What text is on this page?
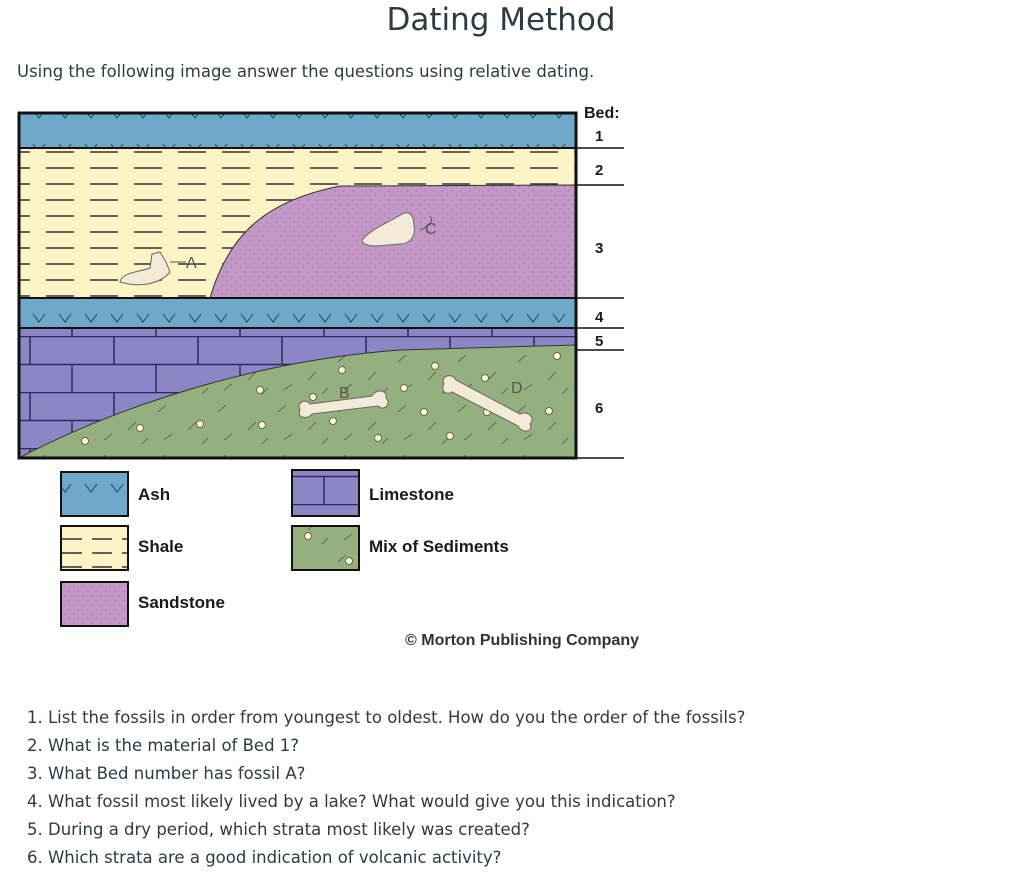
Dating Method
Using the following image answer the questions using relative dating.
A
C
B	D
Bed:
1
2
3
4
5
6
Ash
Shale
Sandstone
Limestone
Mix of Sediments
© Morton Publishing Company
1. List the fossils in order from youngest to oldest. How do you the order of the fossils?
2. What is the material of Bed 1?
3. What Bed number has fossil A?
4. What fossil most likely lived by a lake? What would give you this indication?
5. During a dry period, which strata most likely was created?
6. Which strata are a good indication of volcanic activity?
